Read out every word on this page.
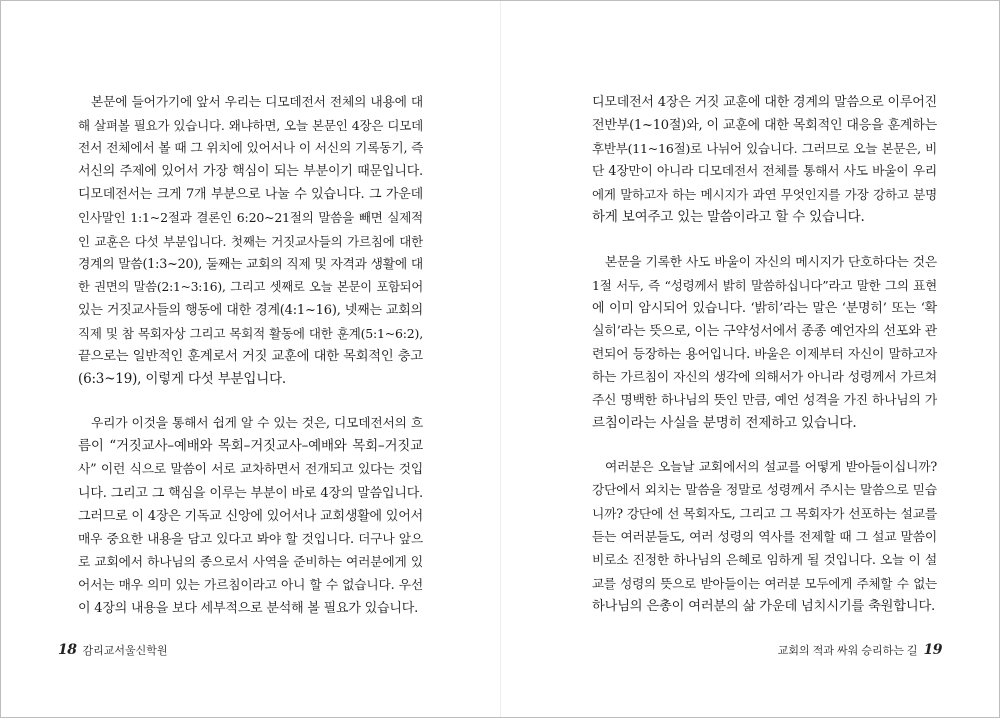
본문에 들어가기에 앞서 우리는 디모데전서 전체의 내용에 대
해 살펴볼 필요가 있습니다. 왜냐하면, 오늘 본문인 4장은 디모데
전서 전체에서 볼 때 그 위치에 있어서나 이 서신의 기록동기, 즉
서신의 주제에 있어서 가장 핵심이 되는 부분이기 때문입니다.
디모데전서는 크게 7개 부분으로 나눌 수 있습니다. 그 가운데
인사말인 1:1~2절과 결론인 6:20~21절의 말씀을 빼면 실제적
인 교훈은 다섯 부분입니다. 첫째는 거짓교사들의 가르침에 대한
경계의 말씀(1:3~20), 둘째는 교회의 직제 및 자격과 생활에 대
한 권면의 말씀(2:1~3:16), 그리고 셋째로 오늘 본문이 포함되어
있는 거짓교사들의 행동에 대한 경계(4:1~16), 넷째는 교회의
직제 및 참 목회자상 그리고 목회적 활동에 대한 훈계(5:1~6:2),
끝으로는 일반적인 훈계로서 거짓 교훈에 대한 목회적인 충고
(6:3~19), 이렇게 다섯 부분입니다.
우리가 이것을 통해서 쉽게 알 수 있는 것은, 디모데전서의 흐
름이 “거짓교사–예배와 목회–거짓교사–예배와 목회–거짓교
사” 이런 식으로 말씀이 서로 교차하면서 전개되고 있다는 것입
니다. 그리고 그 핵심을 이루는 부분이 바로 4장의 말씀입니다.
그러므로 이 4장은 기독교 신앙에 있어서나 교회생활에 있어서
매우 중요한 내용을 담고 있다고 봐야 할 것입니다. 더구나 앞으
로 교회에서 하나님의 종으로서 사역을 준비하는 여러분에게 있
어서는 매우 의미 있는 가르침이라고 아니 할 수 없습니다. 우선
이 4장의 내용을 보다 세부적으로 분석해 볼 필요가 있습니다.
18 감리교서울신학원
디모데전서 4장은 거짓 교훈에 대한 경계의 말씀으로 이루어진
전반부(1~10절)와, 이 교훈에 대한 목회적인 대응을 훈계하는
후반부(11~16절)로 나뉘어 있습니다. 그러므로 오늘 본문은, 비
단 4장만이 아니라 디모데전서 전체를 통해서 사도 바울이 우리
에게 말하고자 하는 메시지가 과연 무엇인지를 가장 강하고 분명
하게 보여주고 있는 말씀이라고 할 수 있습니다.
본문을 기록한 사도 바울이 자신의 메시지가 단호하다는 것은
1절 서두, 즉 “성령께서 밝히 말씀하십니다”라고 말한 그의 표현
에 이미 암시되어 있습니다. ‘밝히’라는 말은 ‘분명히’ 또는 ‘확
실히’라는 뜻으로, 이는 구약성서에서 종종 예언자의 선포와 관
련되어 등장하는 용어입니다. 바울은 이제부터 자신이 말하고자
하는 가르침이 자신의 생각에 의해서가 아니라 성령께서 가르쳐
주신 명백한 하나님의 뜻인 만큼, 예언 성격을 가진 하나님의 가
르침이라는 사실을 분명히 전제하고 있습니다.
여러분은 오늘날 교회에서의 설교를 어떻게 받아들이십니까?
강단에서 외치는 말씀을 정말로 성령께서 주시는 말씀으로 믿습
니까? 강단에 선 목회자도, 그리고 그 목회자가 선포하는 설교를
듣는 여러분들도, 여러 성령의 역사를 전제할 때 그 설교 말씀이
비로소 진정한 하나님의 은혜로 임하게 될 것입니다. 오늘 이 설
교를 성령의 뜻으로 받아들이는 여러분 모두에게 주체할 수 없는
하나님의 은총이 여러분의 삶 가운데 넘치시기를 축원합니다.
교회의 적과 싸워 승리하는 길 19
